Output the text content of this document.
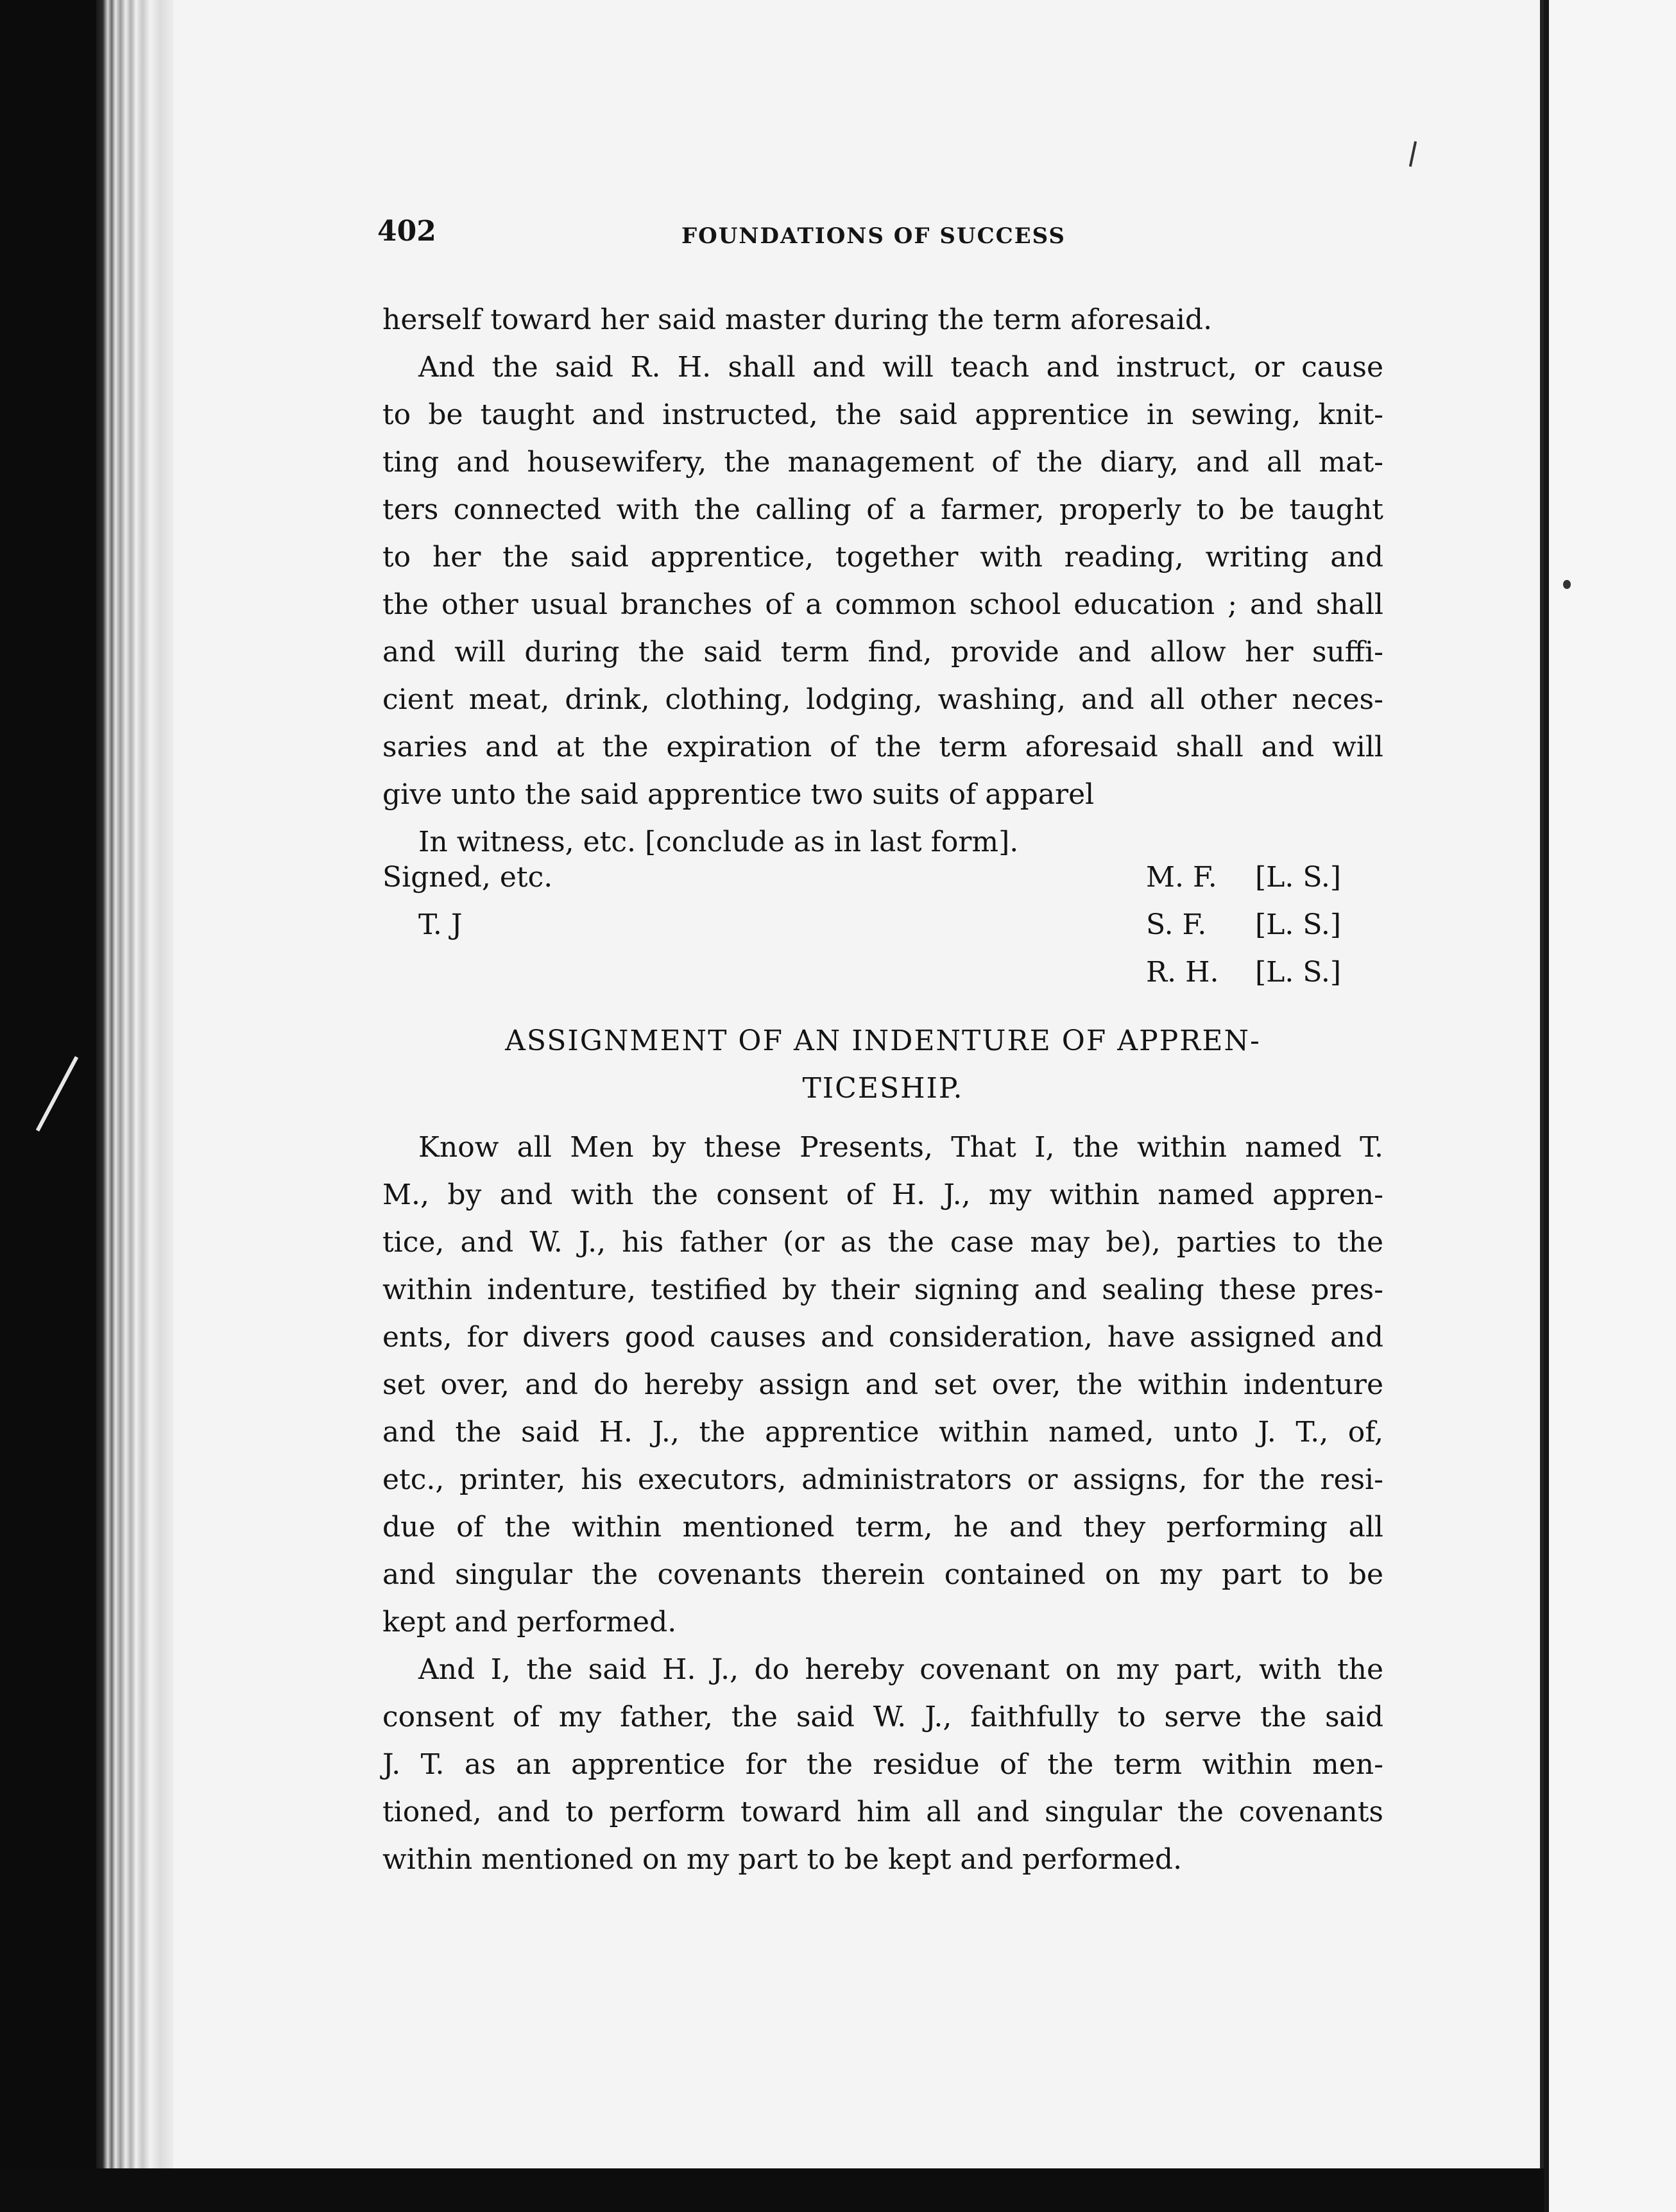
402	FOUNDATIONS OF SUCCESS
herself toward her said master during the term aforesaid.
And the said R. H. shall and will teach and instruct, or cause
to be taught and instructed, the said apprentice in sewing, knit-
ting and housewifery, the management of the diary, and all mat-
ters connected with the calling of a farmer, properly to be taught
to her the said apprentice, together with reading, writing and
the other usual branches of a common school education ; and shall
and will during the said term find, provide and allow her suffi-
cient meat, drink, clothing, lodging, washing, and all other neces-
saries and at the expiration of the term aforesaid shall and will
give unto the said apprentice two suits of apparel
In witness, etc. [conclude as in last form].
Signed, etc.
T. J
M. F. [L. S.]
S. F. [L. S.]
R. H. [L. S.]
ASSIGNMENT OF AN INDENTURE OF APPREN-
TICESHIP.
Know all Men by these Presents, That I, the within named T.
M., by and with the consent of H. J., my within named appren-
tice, and W. J., his father (or as the case may be), parties to the
within indenture, testified by their signing and sealing these pres-
ents, for divers good causes and consideration, have assigned and
set over, and do hereby assign and set over, the within indenture
and the said H. J., the apprentice within named, unto J. T., of,
etc., printer, his executors, administrators or assigns, for the resi-
due of the within mentioned term, he and they performing all
and singular the covenants therein contained on my part to be
kept and performed.
And I, the said H. J., do hereby covenant on my part, with the
consent of my father, the said W. J., faithfully to serve the said
J. T. as an apprentice for the residue of the term within men-
tioned, and to perform toward him all and singular the covenants
within mentioned on my part to be kept and performed.
